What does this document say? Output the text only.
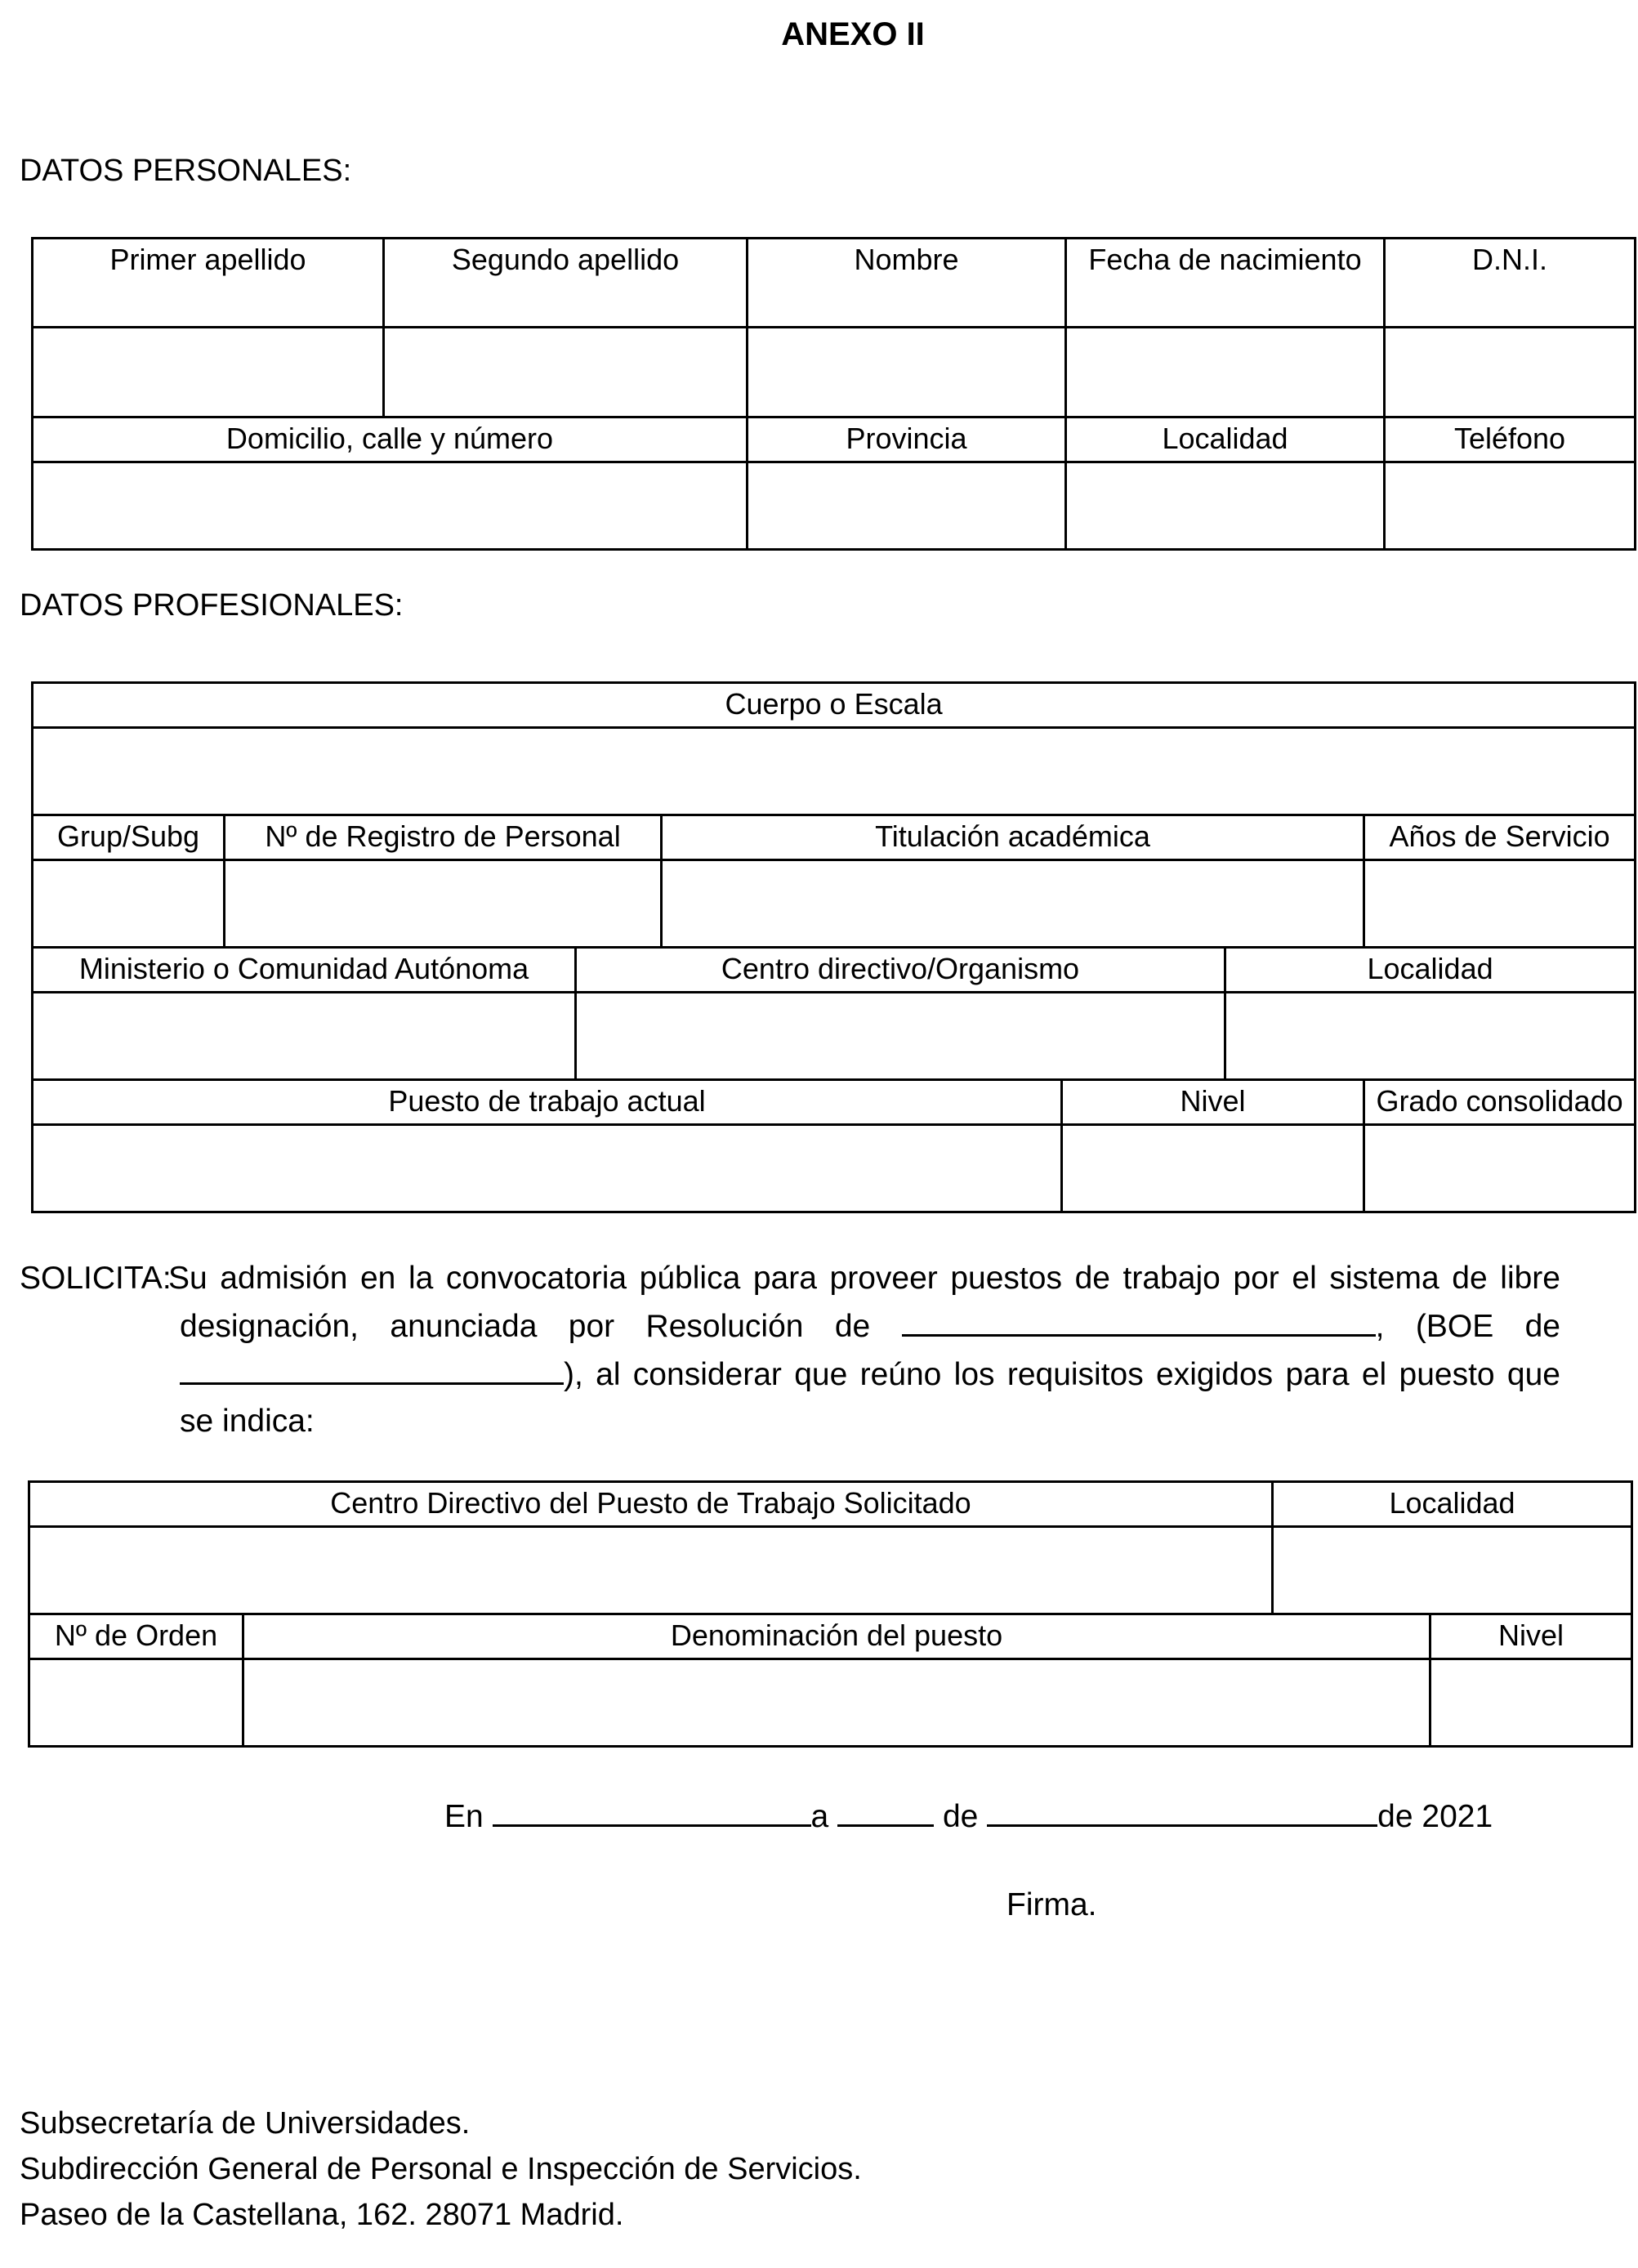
ANEXO II
DATOS PERSONALES:
Primer apellido	Segundo apellido	Nombre	Fecha de nacimiento	D.N.I.

Domicilio, calle y número		Provincia	Localidad	Teléfono

DATOS PROFESIONALES:
Cuerpo o Escala						

Grup/Subg	Nº de Registro de Personal		Titulación académica			Años de Servicio

Ministerio o Comunidad Autónoma		Centro directivo/Organismo			Localidad	

Puesto de trabajo actual				Nivel		Grado consolidado

SOLICITA:
Su admisión en la convocatoria pública para proveer puestos de trabajo por el sistema de libre designación, anunciada por Resolución de	, (BOE de), al considerar que reúno los requisitos exigidos para el puesto que se indica:
Centro Directivo del Puesto de Trabajo Solicitado		Localidad	

Nº de Orden	Denominación del puesto		Nivel

En	a	de	de 2021
Firma.
Subsecretaría de Universidades.
Subdirección General de Personal e Inspección de Servicios.
Paseo de la Castellana, 162. 28071 Madrid.
